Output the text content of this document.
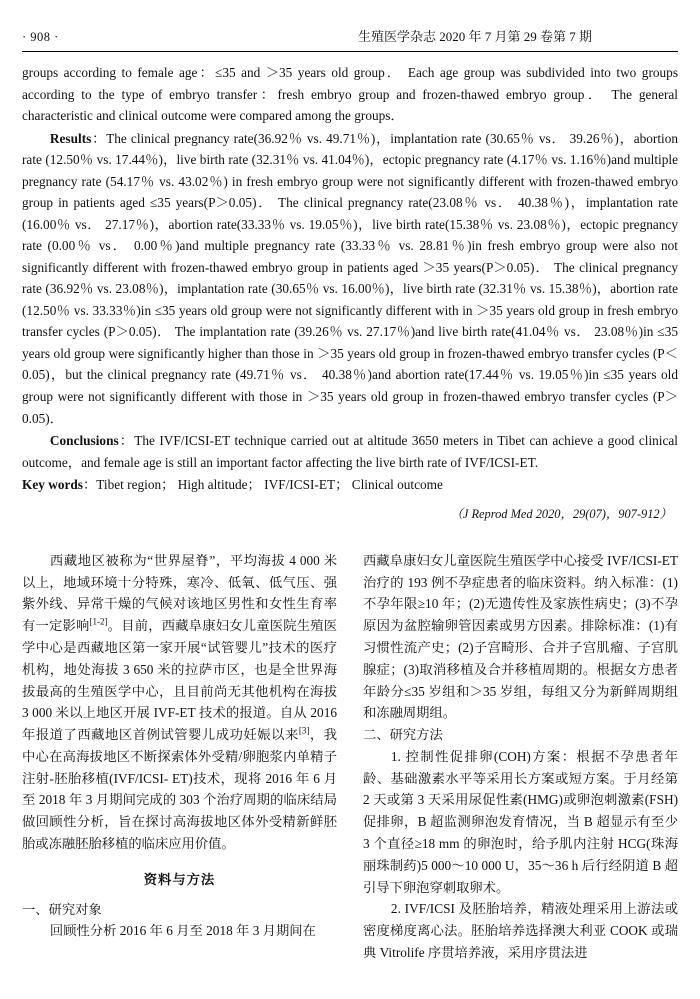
· 908 ·	生殖医学杂志 2020 年 7 月第 29 卷第 7 期

groups according to female age：≤35 and ＞35 years old group． Each age group was subdivided into two groups according to the type of embryo transfer：fresh embryo group and frozen-thawed embryo group． The general characteristic and clinical outcome were compared among the groups．

Results：The clinical pregnancy rate(36.92％ vs. 49.71％)，implantation rate (30.65％ vs． 39.26％)，abortion rate (12.50％ vs. 17.44％)，live birth rate (32.31％ vs. 41.04％)，ectopic pregnancy rate (4.17％ vs. 1.16％)and multiple pregnancy rate (54.17％ vs. 43.02％) in fresh embryo group were not significantly different with frozen-thawed embryo group in patients aged ≤35 years(P＞0.05)． The clinical pregnancy rate(23.08％ vs． 40.38％)，implantation rate (16.00％ vs． 27.17％)，abortion rate(33.33％ vs. 19.05％)，live birth rate(15.38％ vs. 23.08％)，ectopic pregnancy rate (0.00％ vs． 0.00％)and multiple pregnancy rate (33.33％ vs. 28.81％)in fresh embryo group were also not significantly different with frozen-thawed embryo group in patients aged ＞35 years(P＞0.05)． The clinical pregnancy rate (36.92％ vs. 23.08％)，implantation rate (30.65％ vs. 16.00％)，live birth rate (32.31％ vs. 15.38％)，abortion rate (12.50％ vs. 33.33％)in ≤35 years old group were not significantly different with in ＞35 years old group in fresh embryo transfer cycles (P＞0.05)． The implantation rate (39.26％ vs. 27.17％)and live birth rate(41.04％ vs． 23.08％)in ≤35 years old group were significantly higher than those in ＞35 years old group in frozen-thawed embryo transfer cycles (P＜0.05)，but the clinical pregnancy rate (49.71％ vs． 40.38％)and abortion rate(17.44％ vs. 19.05％)in ≤35 years old group were not significantly different with those in ＞35 years old group in frozen-thawed embryo transfer cycles (P＞0.05)．

Conclusions：The IVF/ICSI-ET technique carried out at altitude 3650 meters in Tibet can achieve a good clinical outcome，and female age is still an important factor affecting the live birth rate of IVF/ICSI-ET.

Key words：Tibet region； High altitude； IVF/ICSI-ET； Clinical outcome

（J Reprod Med 2020，29(07)，907-912）

西藏地区被称为“世界屋脊”，平均海拔 4 000 米以上，地域环境十分特殊，寒冷、低氧、低气压、强紫外线、异常干燥的气候对该地区男性和女性生育率有一定影响[1-2]。目前，西藏阜康妇女儿童医院生殖医学中心是西藏地区第一家开展“试管婴儿”技术的医疗机构，地处海拔 3 650 米的拉萨市区，也是全世界海拔最高的生殖医学中心，且目前尚无其他机构在海拔 3 000 米以上地区开展 IVF-ET 技术的报道。自从 2016 年报道了西藏地区首例试管婴儿成功妊娠以来[3]，我中心在高海拔地区不断探索体外受精/卵胞浆内单精子注射-胚胎移植(IVF/ICSI- ET)技术，现将 2016 年 6 月至 2018 年 3 月期间完成的 303 个治疗周期的临床结局做回顾性分析，旨在探讨高海拔地区体外受精新鲜胚胎或冻融胚胎移植的临床应用价值。

资料与方法

一、研究对象

回顾性分析 2016 年 6 月至 2018 年 3 月期间在

西藏阜康妇女儿童医院生殖医学中心接受 IVF/ICSI-ET 治疗的 193 例不孕症患者的临床资料。纳入标准：(1)不孕年限≥10 年；(2)无遗传性及家族性病史；(3)不孕原因为盆腔输卵管因素或男方因素。排除标准：(1)有习惯性流产史；(2)子宫畸形、合并子宫肌瘤、子宫肌腺症；(3)取消移植及合并移植周期的。根据女方患者年龄分≤35 岁组和＞35 岁组，每组又分为新鲜周期组和冻融周期组。

二、研究方法

1. 控制性促排卵(COH)方案：根据不孕患者年龄、基础激素水平等采用长方案或短方案。于月经第 2 天或第 3 天采用尿促性素(HMG)或卵泡刺激素(FSH)促排卵，B 超监测卵泡发育情况，当 B 超显示有至少 3 个直径≥18 mm 的卵泡时，给予肌内注射 HCG(珠海丽珠制药)5 000～10 000 U，35～36 h 后行经阴道 B 超引导下卵泡穿刺取卵术。

2. IVF/ICSI 及胚胎培养，精液处理采用上游法或密度梯度离心法。胚胎培养选择澳大利亚 COOK 或瑞典 Vitrolife 序贯培养液，采用序贯法进
